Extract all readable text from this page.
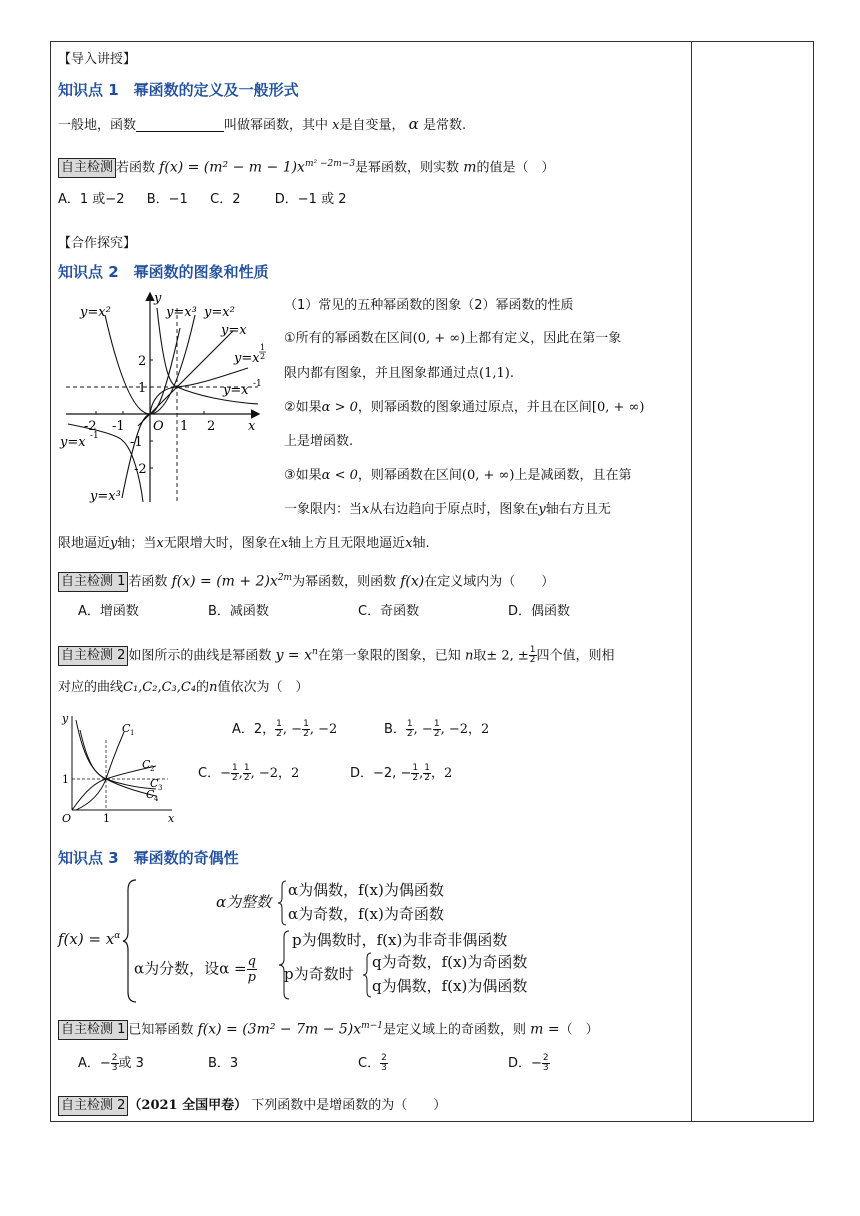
【导入讲授】
知识点 1　幂函数的定义及一般形式
一般地，函数	叫做幂函数，其中 x是自变量， α 是常数.
自主检测 若函数 $f(x) = (m^2 - m - 1)x^{m^2 -2m-3}$是幂函数，则实数 m的值是（　）
A．1 或−2 B．−1 C．2	D．−1 或 2
【合作探究】
知识点 2　幂函数的图象和性质
y
x
O
y=x²	y=x³ y=x²
y=x
y=x
1
2
y=x -1
y=x -1
y=x³
2
1
-1
-2
-2 -1	1 2
（1）常见的五种幂函数的图象（2）幂函数的性质
①所有的幂函数在区间(0, + ∞)上都有定义，因此在第一象
限内都有图象，并且图象都通过点(1,1).
②如果α > 0，则幂函数的图象通过原点，并且在区间[0, + ∞)
上是增函数.
③如果α < 0，则幂函数在区间(0, + ∞)上是减函数，且在第
一象限内：当x从右边趋向于原点时，图象在y轴右方且无
限地逼近y轴；当x无限增大时，图象在x轴上方且无限地逼近x轴.
自主检测 1 若函数 $f(x) = (m + 2)x^{2m}$为幂函数，则函数 f(x)在定义域内为（　　）
A．增函数	B．减函数	C．奇函数	D．偶函数
自主检测 2 如图所示的曲线是幂函数 $y = x^n$在第一象限的图象，已知 n取± 2, ± $\frac{1}{2}$ 四个值，则相
对应的曲线C₁,C₂,C₃,C₄的n值依次为（　）
y
x
O
1
1
C 1
C 2
C 3
C 4
A．2， $\frac{1}{2}$ , − $\frac{1}{2}$ , −2	B． $\frac{1}{2}$ , − $\frac{1}{2}$ , −2，2
C．− $\frac{1}{2}$ , $\frac{1}{2}$ , −2，2	D．−2, − $\frac{1}{2}$ , $\frac{1}{2}$ ，2
知识点 3　幂函数的奇偶性
$f(x) = x^\alpha$
α为整数
α为偶数，f(x)为偶函数
α为奇数，f(x)为奇函数
α为分数，设$\alpha = \frac{q}{p}$
p为偶数时，f(x)为非奇非偶函数
p为奇数时
q为奇数，f(x)为奇函数
q为偶数，f(x)为偶函数
自主检测 1 已知幂函数 $f(x) = (3m^2 - 7m - 5)x^{m-1}$是定义域上的奇函数，则 m =（　）
A．− $\frac{2}{3}$ 或 3	B．3	C． $\frac{2}{3}$	D．− $\frac{2}{3}$
自主检测 2 （2021 全国甲卷） 下列函数中是增函数的为（　　）
